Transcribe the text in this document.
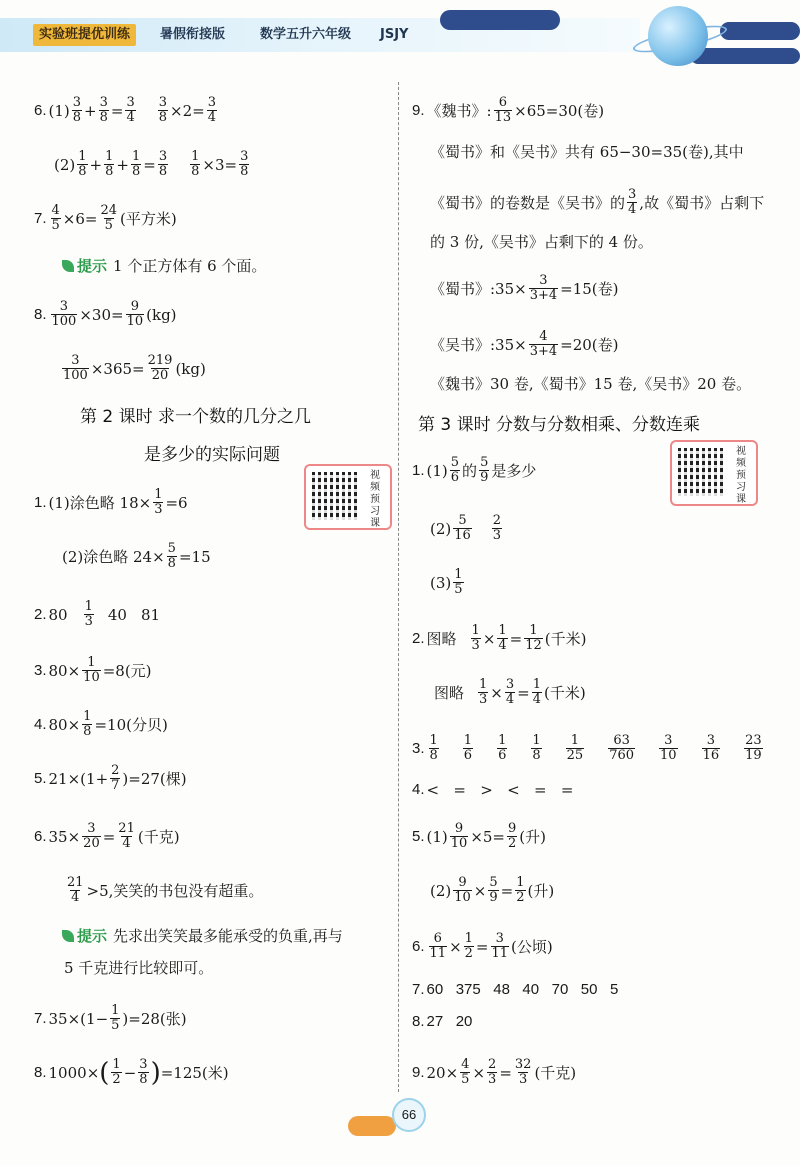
实验班提优训练	暑假衔接版	数学五升六年级 JSJY
6. $(1) \frac{3}{8} + \frac{3}{8} = \frac{3}{4} \frac{3}{8} \times 2= \frac{3}{4}$
$(2) \frac{1}{8} + \frac{1}{8} + \frac{1}{8} = \frac{3}{8} \frac{1}{8} \times 3= \frac{3}{8}$
7. $\frac{4}{5} \times 6= \frac{24}{5}$ (平方米)
提示 1 个正方体有 6 个面。
8. $\frac{3}{100} \times 30= \frac{9}{10} (kg)$
$\frac{3}{100} \times 365= \frac{219}{20} (kg)$
第 2 课时 求一个数的几分之几
是多少的实际问题
视频预习课
1. (1)涂色略 $18\times \frac{1}{3} =6$
(2)涂色略 $24\times \frac{5}{8} =15$
2. $80 \frac{1}{3} 40$ 81
3. $80\times \frac{1}{10} =8$(元)
4. $80\times \frac{1}{8} =10$(分贝)
5. $21\times(1+ \frac{2}{7} )=27$(棵)
6. $35\times \frac{3}{20} = \frac{21}{4}$ (千克)
$\frac{21}{4} >5$,笑笑的书包没有超重。
提示 先求出笑笑最多能承受的负重,再与
5 千克进行比较即可。
7. $35\times(1- \frac{1}{5} )=28$(张)
8. 1000× ( $\frac{1}{2} - \frac{3}{8}$ ) =125(米)
9. 《魏书》: $\frac{6}{13} \times 65=30$(卷)
《蜀书》和《吴书》共有 65−30=35(卷),其中
《蜀书》的卷数是《吴书》的 $\frac{3}{4}$ ,故《蜀书》占剩下
的 3 份,《吴书》占剩下的 4 份。
《蜀书》:35× $\frac{3}{3+4} =15$(卷)
《吴书》:35× $\frac{4}{3+4} =20$(卷)
《魏书》30 卷,《蜀书》15 卷,《吴书》20 卷。
第 3 课时 分数与分数相乘、分数连乘
视频预习课
1. $(1) \frac{5}{6}$ 的 $\frac{5}{9}$ 是多少
$(2) \frac{5}{16} \frac{2}{3}$
$(3) \frac{1}{5}$
2. 图略 $\frac{1}{3} \times \frac{1}{4} = \frac{1}{12}$ (千米)
图略 $\frac{1}{3} \times \frac{3}{4} = \frac{1}{4}$ (千米)
3. $\frac{1}{8} \frac{1}{6} \frac{1}{6} \frac{1}{8} \frac{1}{25} \frac{63}{760} \frac{3}{10} \frac{3}{16} \frac{23}{19}$
4. <   =   >   <   =   =
5. $(1) \frac{9}{10} \times 5= \frac{9}{2}$ (升)
$(2) \frac{9}{10} \times \frac{5}{9} = \frac{1}{2}$ (升)
6. $\frac{6}{11} \times \frac{1}{2} = \frac{3}{11}$ (公顷)
7. 60   375   48   40   70   50   5
8. 27   20
9. $20\times \frac{4}{5} \times \frac{2}{3} = \frac{32}{3}$ (千克)
66
